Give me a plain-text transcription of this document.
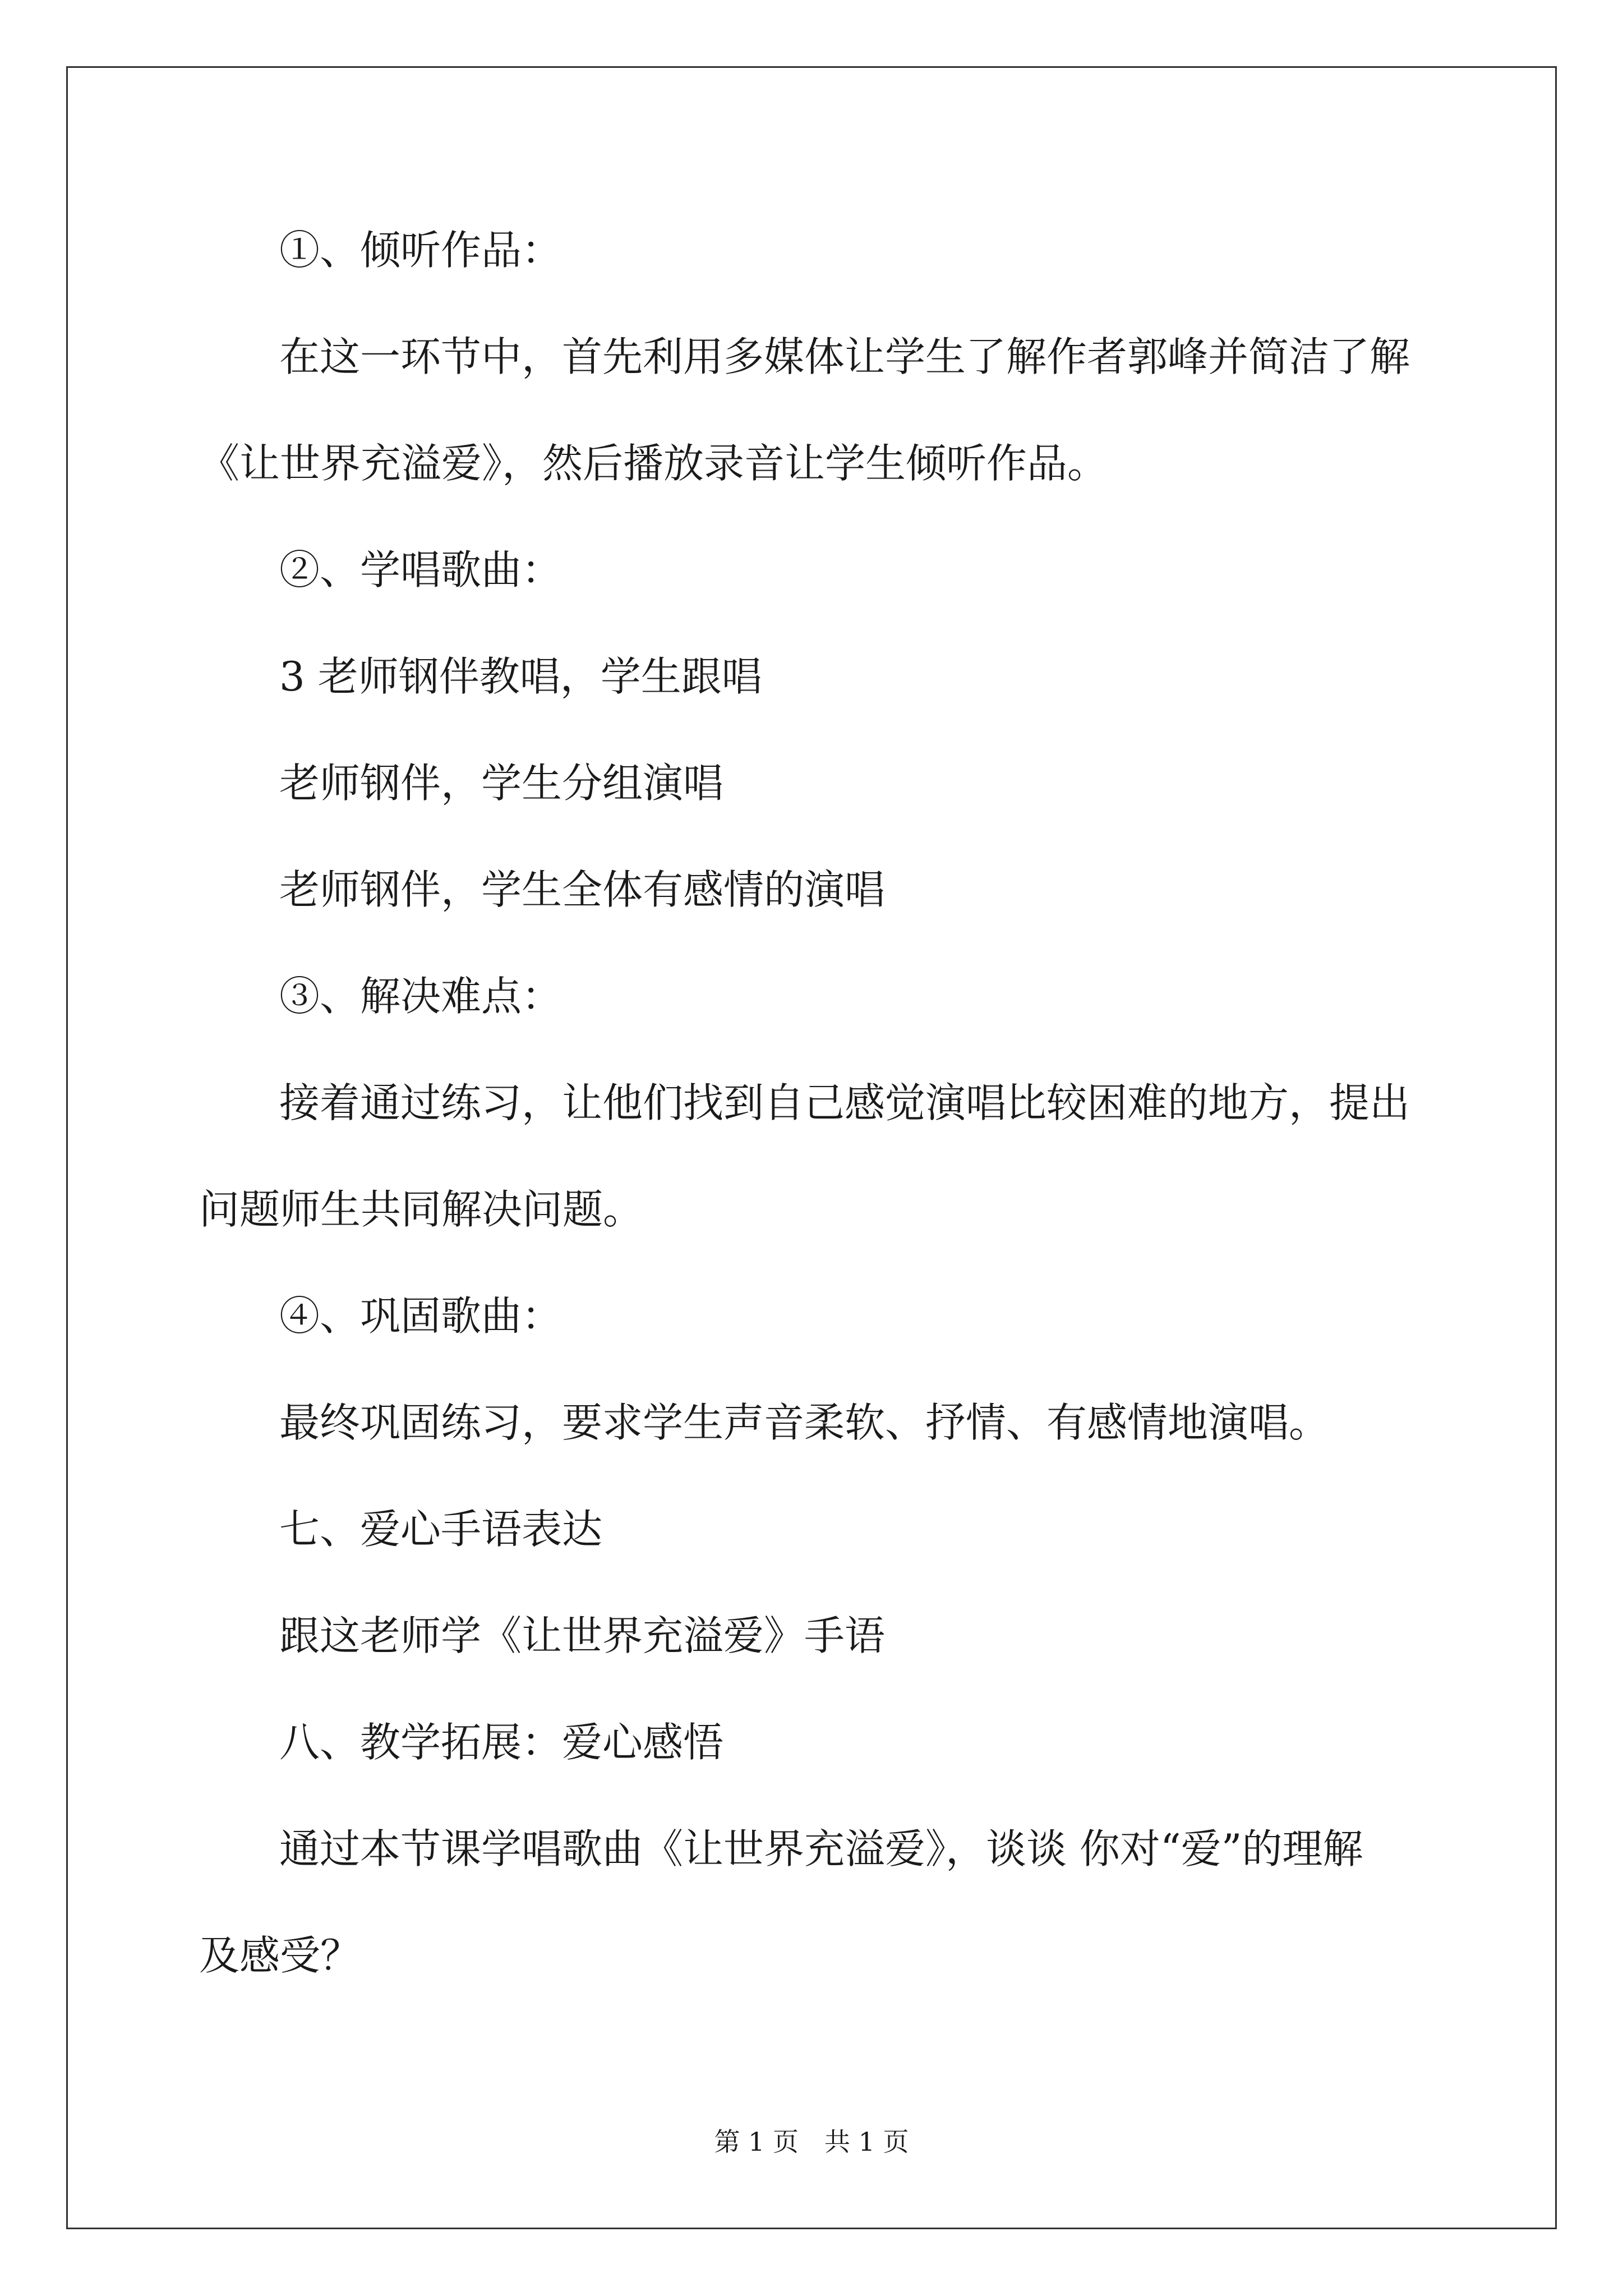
①、倾听作品：
在这一环节中，首先利用多媒体让学生了解作者郭峰并简洁了解
《让世界充溢爱》，然后播放录音让学生倾听作品。
②、学唱歌曲：
3 老师钢伴教唱，学生跟唱
老师钢伴，学生分组演唱
老师钢伴，学生全体有感情的演唱
③、解决难点：
接着通过练习，让他们找到自己感觉演唱比较困难的地方，提出
问题师生共同解决问题。
④、巩固歌曲：
最终巩固练习，要求学生声音柔软、抒情、有感情地演唱。
七、爱心手语表达
跟这老师学《让世界充溢爱》手语
八、教学拓展：爱心感悟
通过本节课学唱歌曲《让世界充溢爱》，谈谈 你对“爱”的理解
及感受？
第 1 页　共 1 页
